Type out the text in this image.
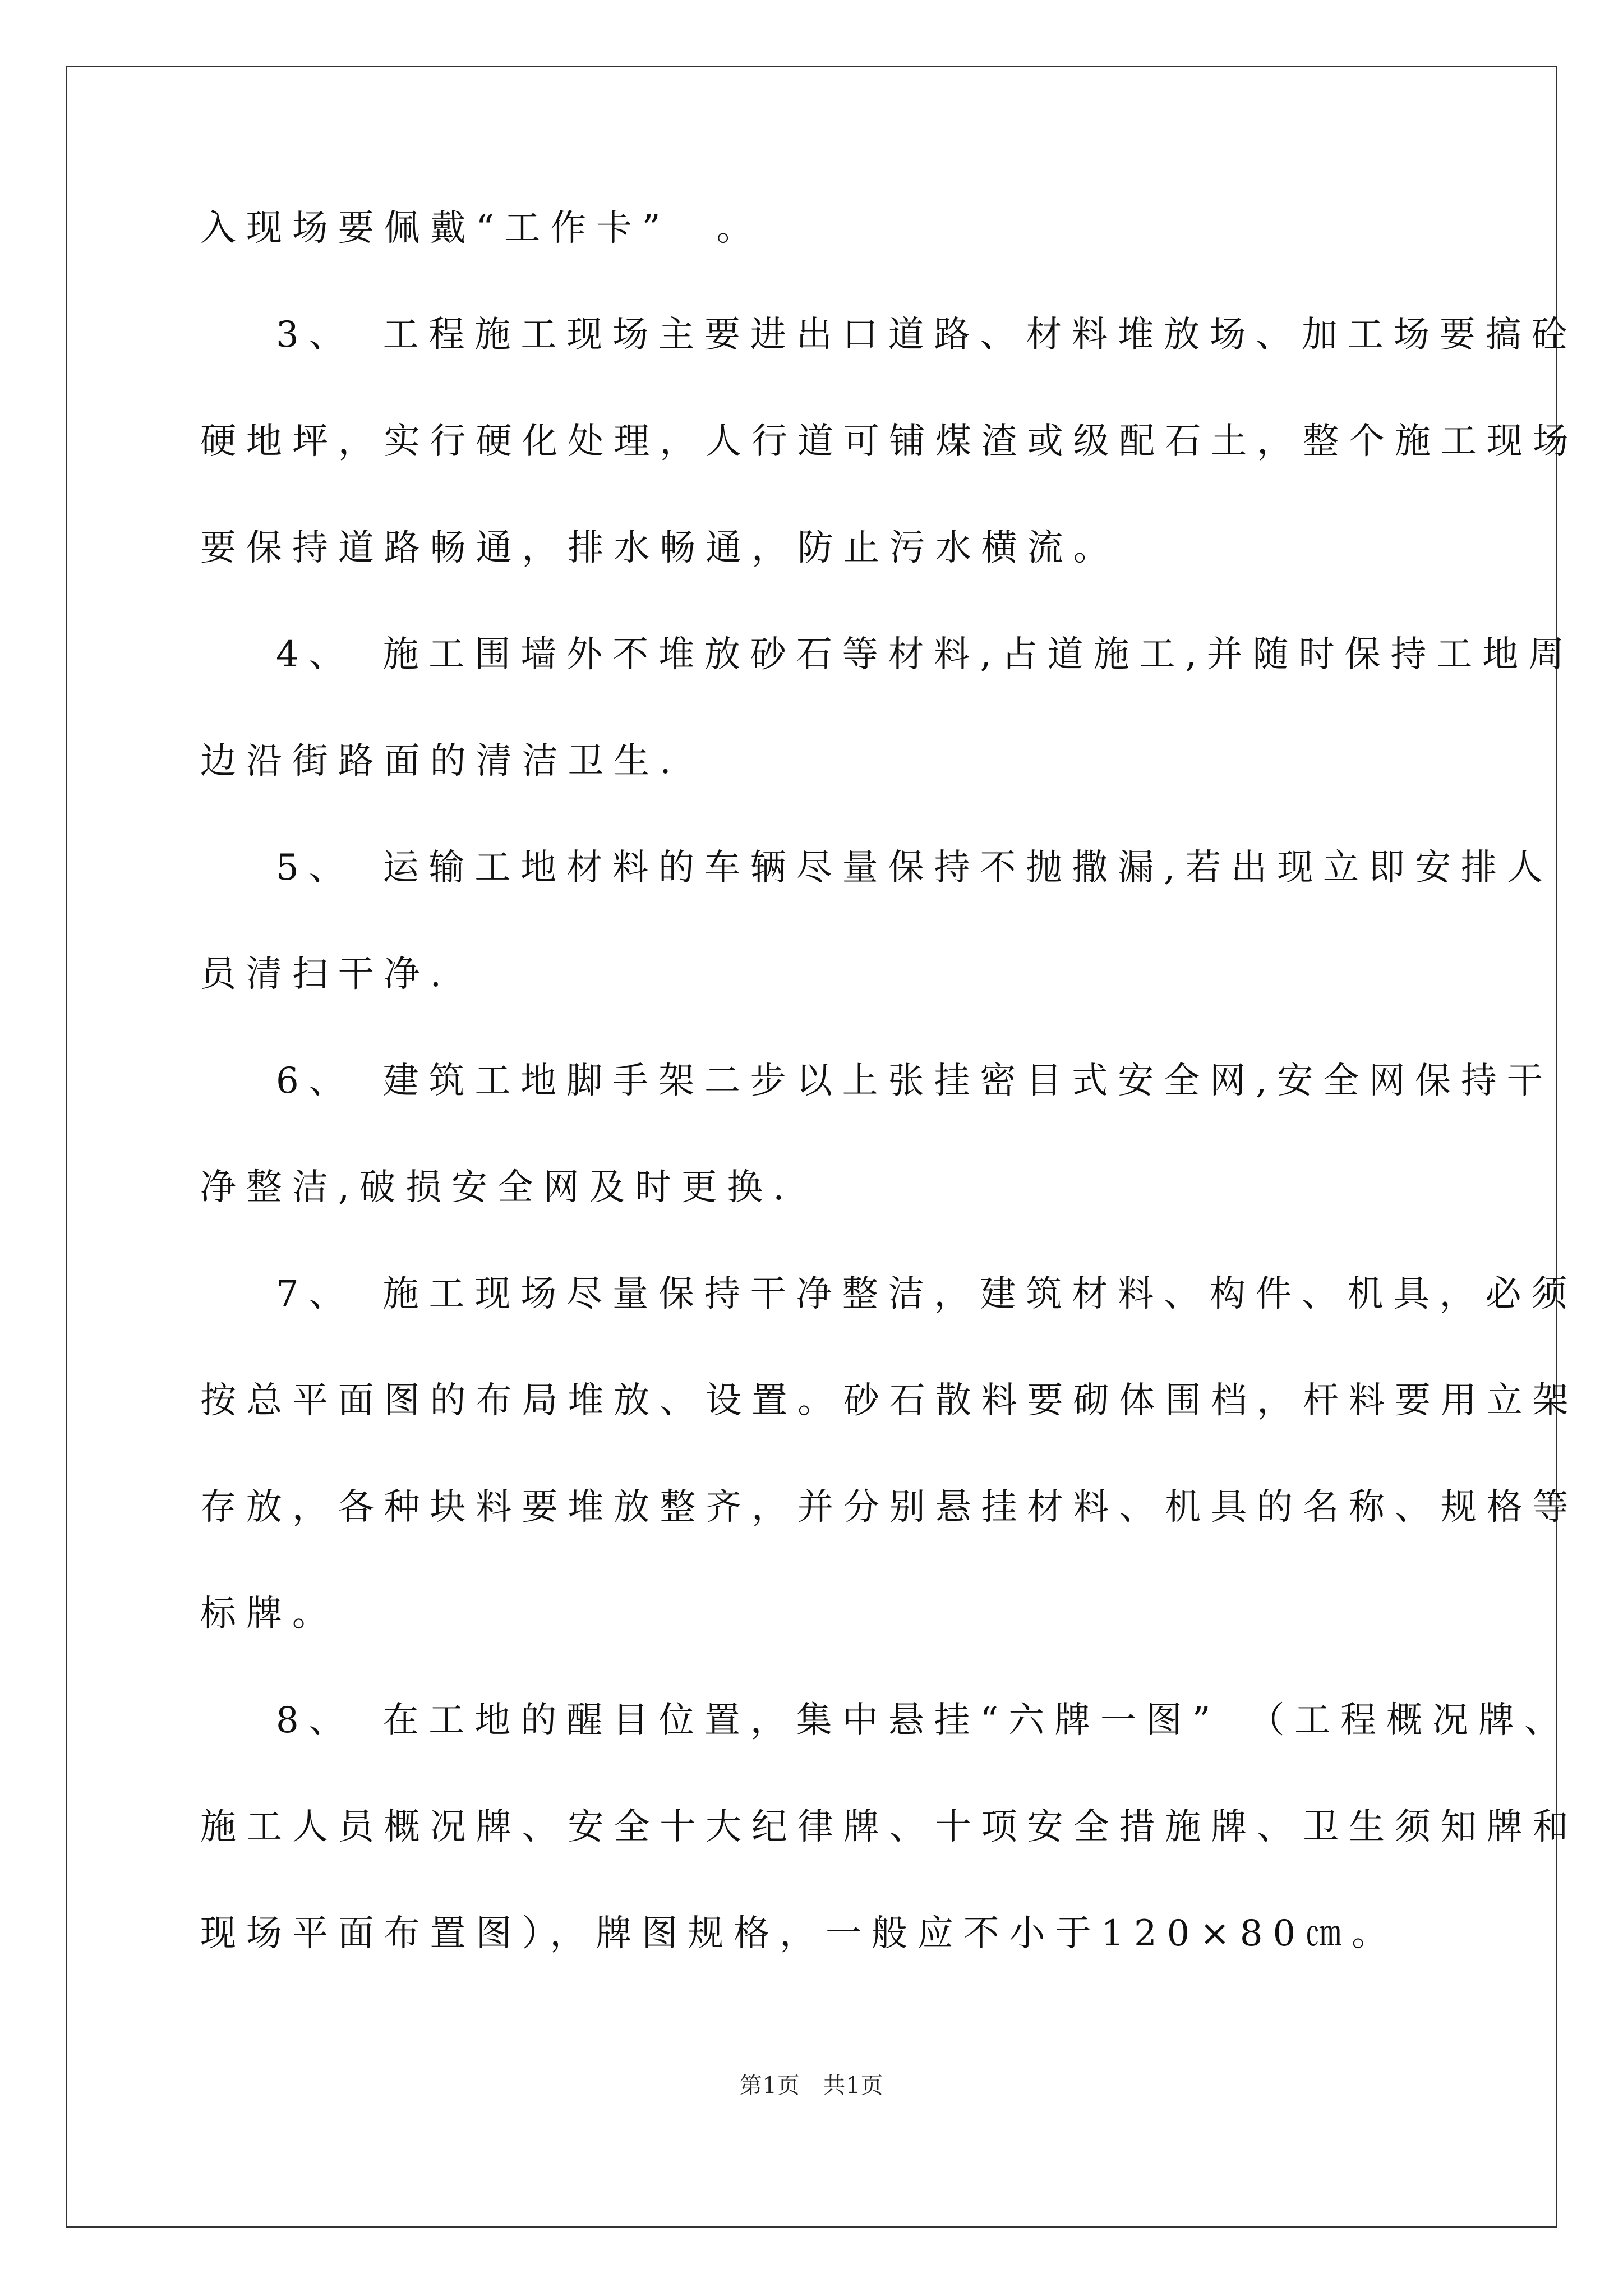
入现场要佩戴“工作卡”　。
3、　工程施工现场主要进出口道路、材料堆放场、加工场要搞砼
硬地坪，实行硬化处理，人行道可铺煤渣或级配石土，整个施工现场
要保持道路畅通，排水畅通，防止污水横流。
4、　施工围墙外不堆放砂石等材料,占道施工,并随时保持工地周
边沿街路面的清洁卫生.
5、　运输工地材料的车辆尽量保持不抛撒漏,若出现立即安排人
员清扫干净.
6、　建筑工地脚手架二步以上张挂密目式安全网,安全网保持干
净整洁,破损安全网及时更换.
7、　施工现场尽量保持干净整洁，建筑材料、构件、机具，必须
按总平面图的布局堆放、设置。砂石散料要砌体围档，杆料要用立架
存放，各种块料要堆放整齐，并分别悬挂材料、机具的名称、规格等
标牌。
8、　在工地的醒目位置，集中悬挂“六牌一图”　（工程概况牌、
施工人员概况牌、安全十大纪律牌、十项安全措施牌、卫生须知牌和
现场平面布置图），牌图规格，一般应不小于120×80㎝。
第1页　共1页
